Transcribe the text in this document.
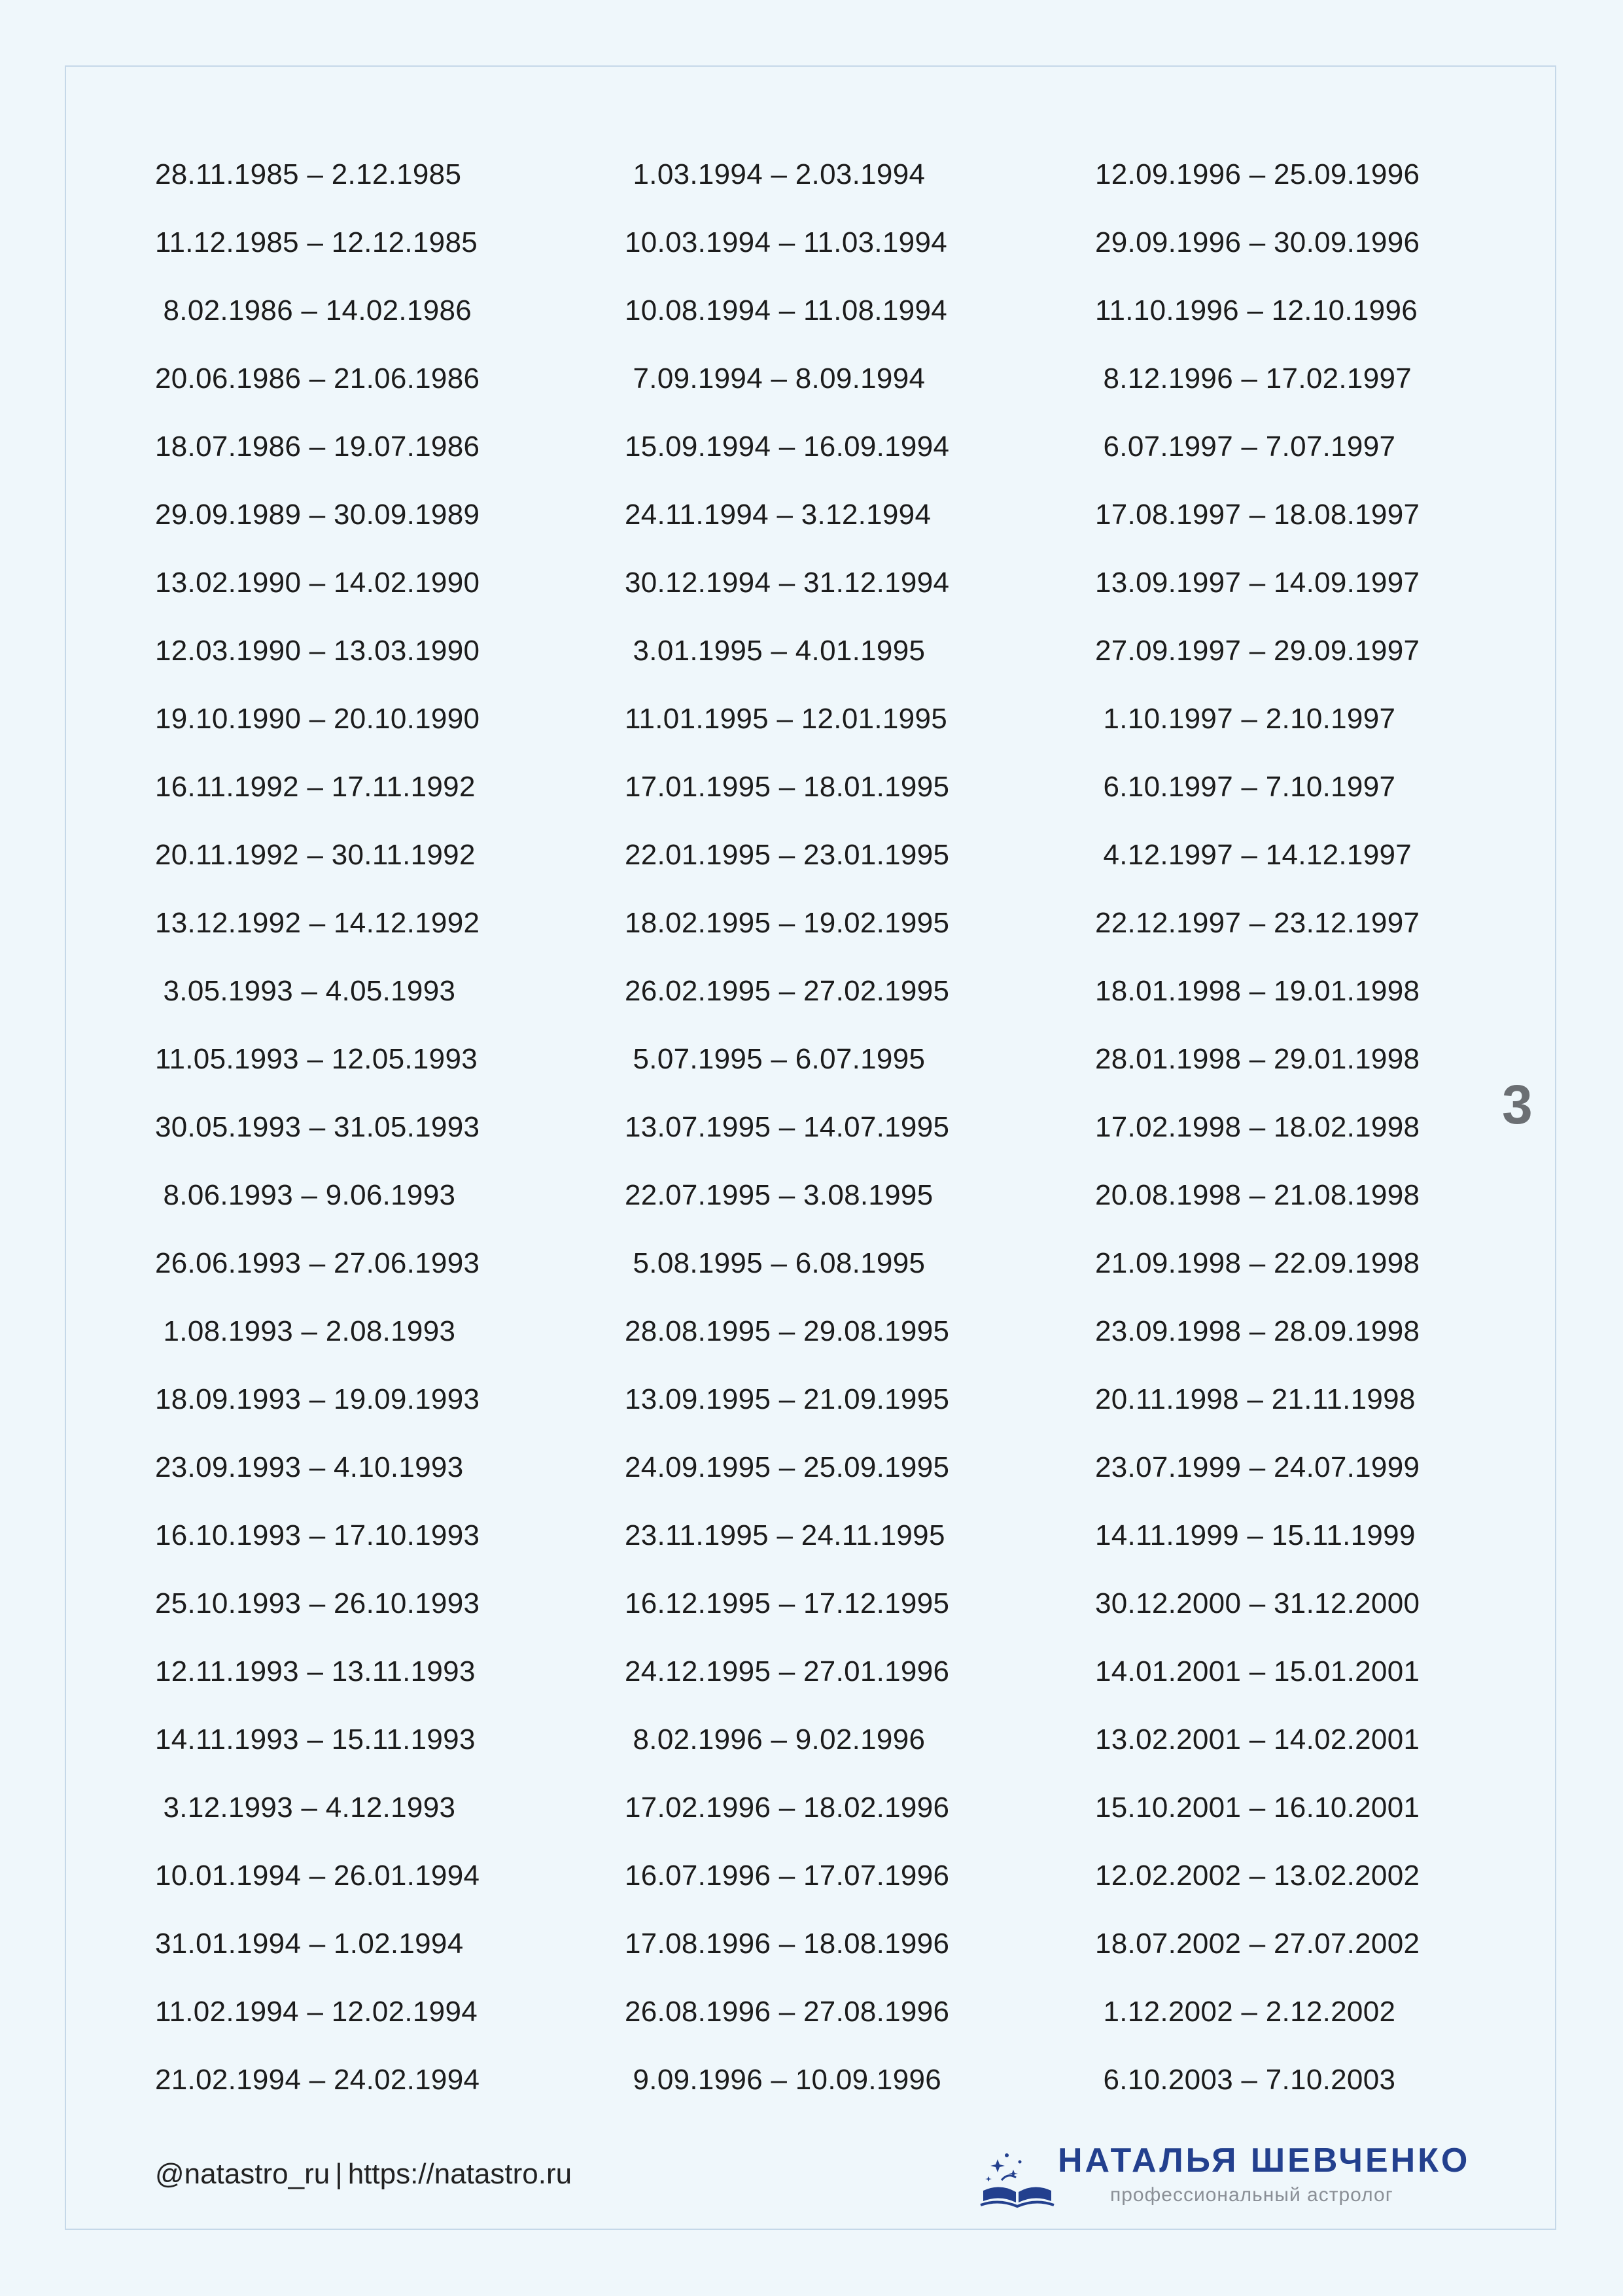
28.11.1985 – 2.12.1985
11.12.1985 – 12.12.1985
8.02.1986 – 14.02.1986
20.06.1986 – 21.06.1986
18.07.1986 – 19.07.1986
29.09.1989 – 30.09.1989
13.02.1990 – 14.02.1990
12.03.1990 – 13.03.1990
19.10.1990 – 20.10.1990
16.11.1992 – 17.11.1992
20.11.1992 – 30.11.1992
13.12.1992 – 14.12.1992
3.05.1993 – 4.05.1993
11.05.1993 – 12.05.1993
30.05.1993 – 31.05.1993
8.06.1993 – 9.06.1993
26.06.1993 – 27.06.1993
1.08.1993 – 2.08.1993
18.09.1993 – 19.09.1993
23.09.1993 – 4.10.1993
16.10.1993 – 17.10.1993
25.10.1993 – 26.10.1993
12.11.1993 – 13.11.1993
14.11.1993 – 15.11.1993
3.12.1993 – 4.12.1993
10.01.1994 – 26.01.1994
31.01.1994 – 1.02.1994
11.02.1994 – 12.02.1994
21.02.1994 – 24.02.1994
1.03.1994 – 2.03.1994
10.03.1994 – 11.03.1994
10.08.1994 – 11.08.1994
7.09.1994 – 8.09.1994
15.09.1994 – 16.09.1994
24.11.1994 – 3.12.1994
30.12.1994 – 31.12.1994
3.01.1995 – 4.01.1995
11.01.1995 – 12.01.1995
17.01.1995 – 18.01.1995
22.01.1995 – 23.01.1995
18.02.1995 – 19.02.1995
26.02.1995 – 27.02.1995
5.07.1995 – 6.07.1995
13.07.1995 – 14.07.1995
22.07.1995 – 3.08.1995
5.08.1995 – 6.08.1995
28.08.1995 – 29.08.1995
13.09.1995 – 21.09.1995
24.09.1995 – 25.09.1995
23.11.1995 – 24.11.1995
16.12.1995 – 17.12.1995
24.12.1995 – 27.01.1996
8.02.1996 – 9.02.1996
17.02.1996 – 18.02.1996
16.07.1996 – 17.07.1996
17.08.1996 – 18.08.1996
26.08.1996 – 27.08.1996
9.09.1996 – 10.09.1996
12.09.1996 – 25.09.1996
29.09.1996 – 30.09.1996
11.10.1996 – 12.10.1996
8.12.1996 – 17.02.1997
6.07.1997 – 7.07.1997
17.08.1997 – 18.08.1997
13.09.1997 – 14.09.1997
27.09.1997 – 29.09.1997
1.10.1997 – 2.10.1997
6.10.1997 – 7.10.1997
4.12.1997 – 14.12.1997
22.12.1997 – 23.12.1997
18.01.1998 – 19.01.1998
28.01.1998 – 29.01.1998
17.02.1998 – 18.02.1998
20.08.1998 – 21.08.1998
21.09.1998 – 22.09.1998
23.09.1998 – 28.09.1998
20.11.1998 – 21.11.1998
23.07.1999 – 24.07.1999
14.11.1999 – 15.11.1999
30.12.2000 – 31.12.2000
14.01.2001 – 15.01.2001
13.02.2001 – 14.02.2001
15.10.2001 – 16.10.2001
12.02.2002 – 13.02.2002
18.07.2002 – 27.07.2002
1.12.2002 – 2.12.2002
6.10.2003 – 7.10.2003
3
@natastro_ru | https://natastro.ru	НАТАЛЬЯ ШЕВЧЕНКО
профессиональный астролог
